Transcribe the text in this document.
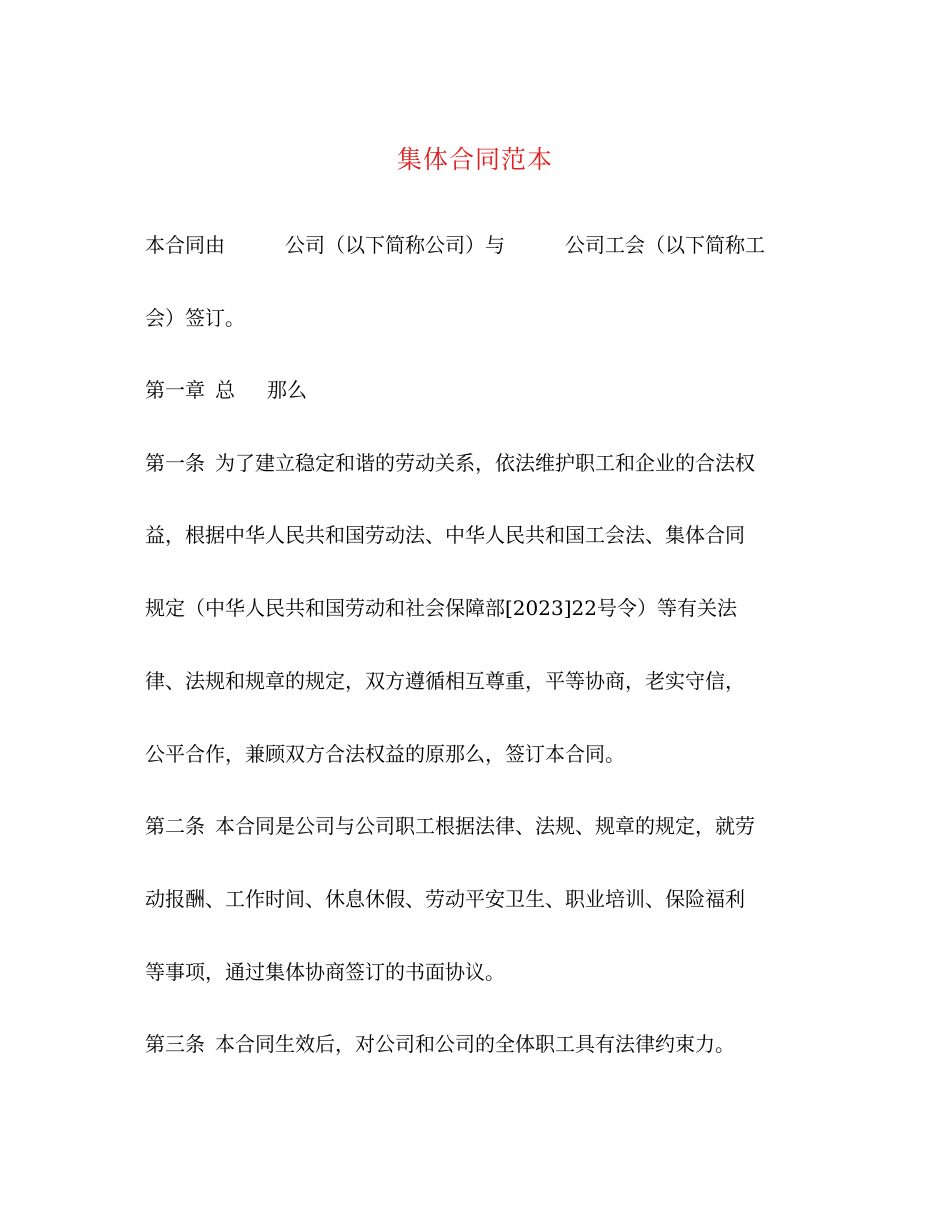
集体合同范本
本合同由	公司（以下简称公司）与	公司工会（以下简称工
会）签订。
第一章 总 那么
第一条 为了建立稳定和谐的劳动关系，依法维护职工和企业的合法权
益，根据中华人民共和国劳动法、中华人民共和国工会法、集体合同
规定（中华人民共和国劳动和社会保障部[2023]22号令）等有关法
律、法规和规章的规定，双方遵循相互尊重，平等协商，老实守信，
公平合作，兼顾双方合法权益的原那么，签订本合同。
第二条 本合同是公司与公司职工根据法律、法规、规章的规定，就劳
动报酬、工作时间、休息休假、劳动平安卫生、职业培训、保险福利
等事项，通过集体协商签订的书面协议。
第三条 本合同生效后，对公司和公司的全体职工具有法律约束力。
